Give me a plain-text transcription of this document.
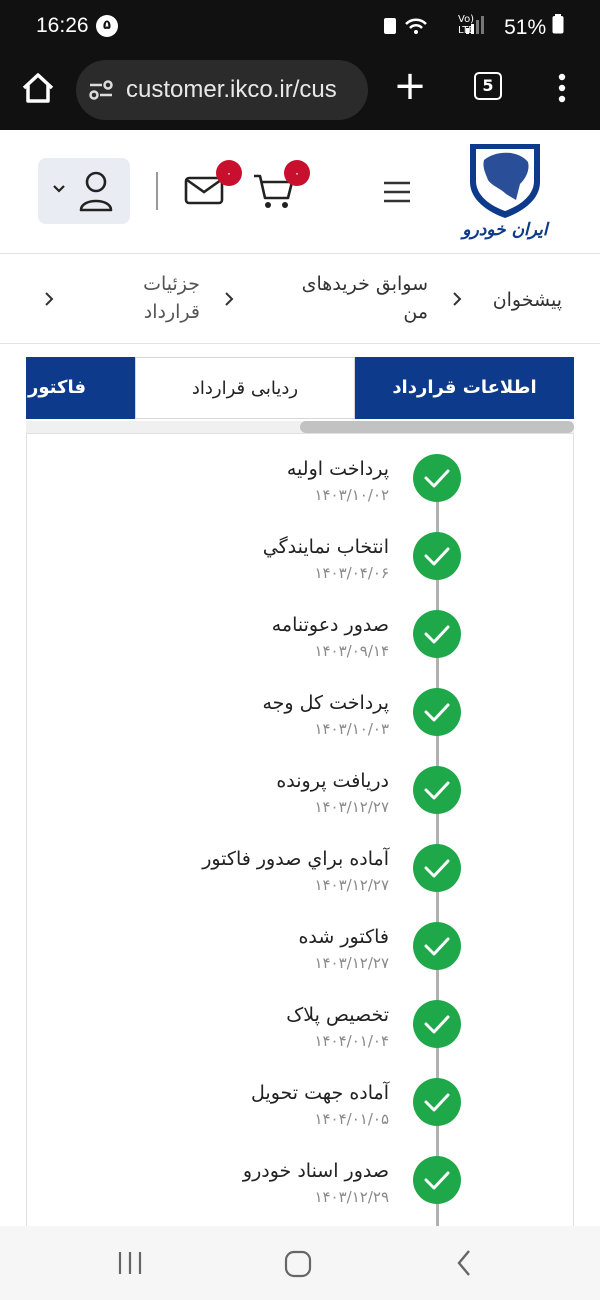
16:26	۵	Vo) LTE	51%
customer.ikco.ir/cus	+	5
۰	۰
ایران خودرو
پیشخوان
سوابق خریدهای من
جزئیات قرارداد
اطلاعات قرارداد
ردیابی قرارداد
فاکتور
پرداخت اولیه
۱۴۰۳/۱۰/۰۲
انتخاب نمايندگي
۱۴۰۳/۰۴/۰۶
صدور دعوتنامه
۱۴۰۳/۰۹/۱۴
پرداخت کل وجه
۱۴۰۳/۱۰/۰۳
دريافت پرونده
۱۴۰۳/۱۲/۲۷
آماده براي صدور فاكتور
۱۴۰۳/۱۲/۲۷
فاکتور شده
۱۴۰۳/۱۲/۲۷
تخصيص پلاک
۱۴۰۴/۰۱/۰۴
آماده جهت تحويل
۱۴۰۴/۰۱/۰۵
صدور اسناد خودرو
۱۴۰۳/۱۲/۲۹
